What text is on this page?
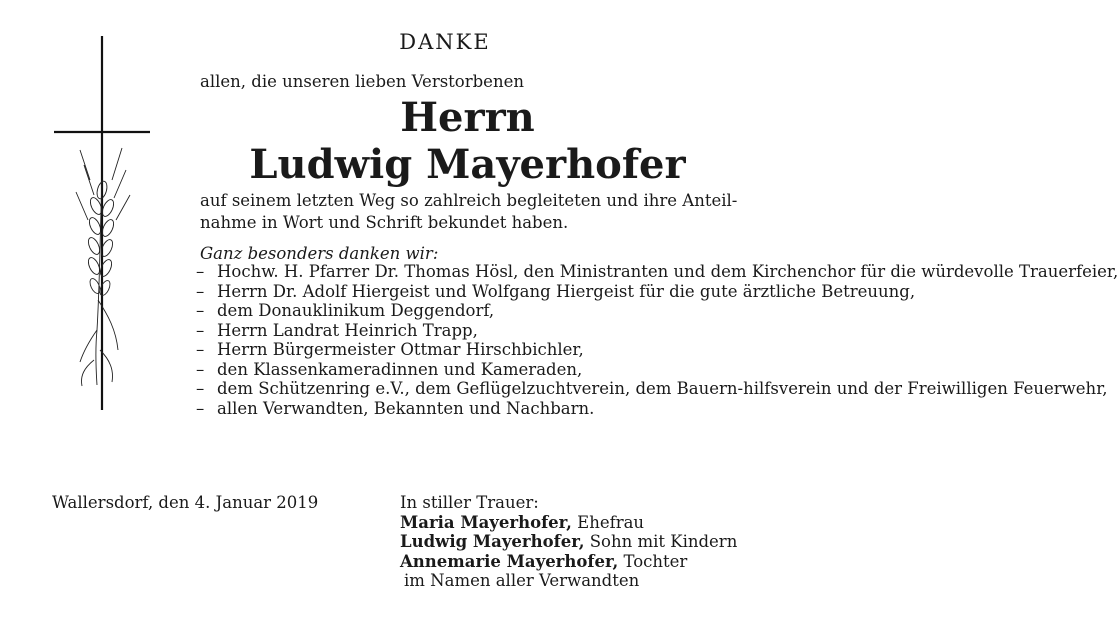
DANKE
allen, die unseren lieben Verstorbenen
Herrn
Ludwig Mayerhofer
auf seinem letzten Weg so zahlreich begleiteten und ihre Anteil-nahme in Wort und Schrift bekundet haben.
Ganz besonders danken wir:
– Hochw. H. Pfarrer Dr. Thomas Hösl, den Ministranten und dem Kirchenchor für die würdevolle Trauerfeier,
– Herrn Dr. Adolf Hiergeist und Wolfgang Hiergeist für die gute ärztliche Betreuung,
– dem Donauklinikum Deggendorf,
– Herrn Landrat Heinrich Trapp,
– Herrn Bürgermeister Ottmar Hirschbichler,
– den Klassenkameradinnen und Kameraden,
– dem Schützenring e.V., dem Geflügelzuchtverein, dem Bauern-hilfsverein und der Freiwilligen Feuerwehr,
– allen Verwandten, Bekannten und Nachbarn.
Wallersdorf, den 4. Januar 2019	In stiller Trauer:
Maria Mayerhofer, Ehefrau
Ludwig Mayerhofer, Sohn mit Kindern
Annemarie Mayerhofer, Tochter
im Namen aller Verwandten
